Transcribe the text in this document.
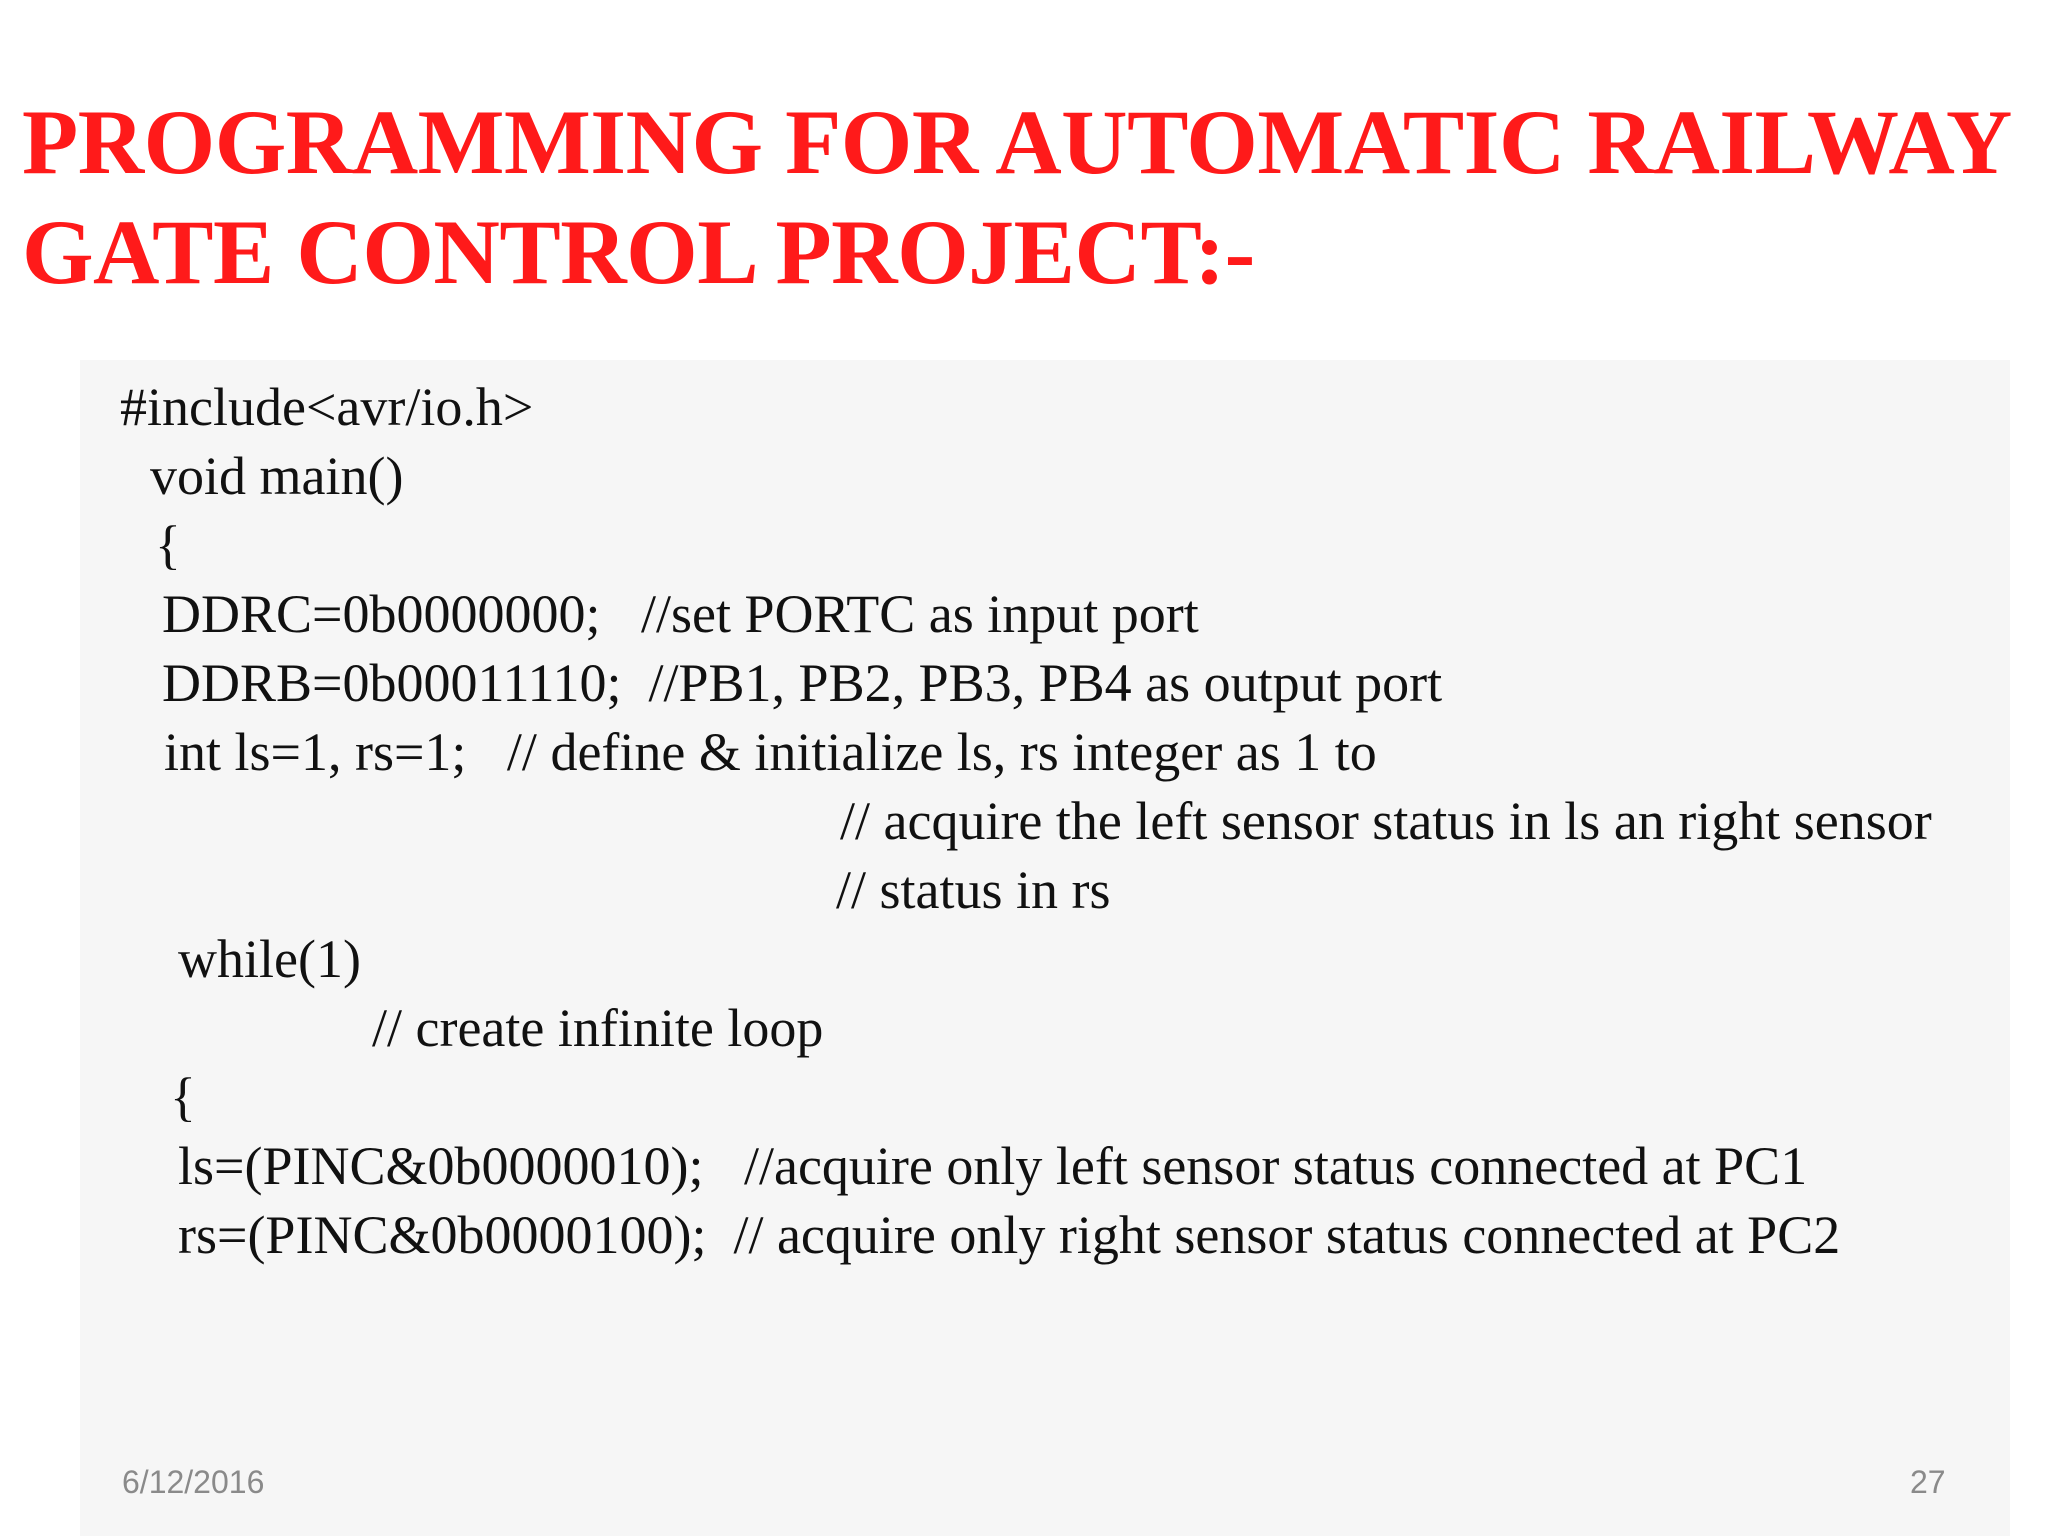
PROGRAMMING FOR AUTOMATIC RAILWAY
GATE CONTROL PROJECT:-

#include<avr/io.h>

void main()

{

DDRC=0b0000000;   //set PORTC as input port

DDRB=0b00011110;  //PB1, PB2, PB3, PB4 as output port

int ls=1, rs=1;   // define & initialize ls, rs integer as 1 to

// acquire the left sensor status in ls an right sensor

// status in rs

while(1)

// create infinite loop

{

ls=(PINC&0b0000010);   //acquire only left sensor status connected at PC1

rs=(PINC&0b0000100);  // acquire only right sensor status connected at PC2

6/12/2016	27
